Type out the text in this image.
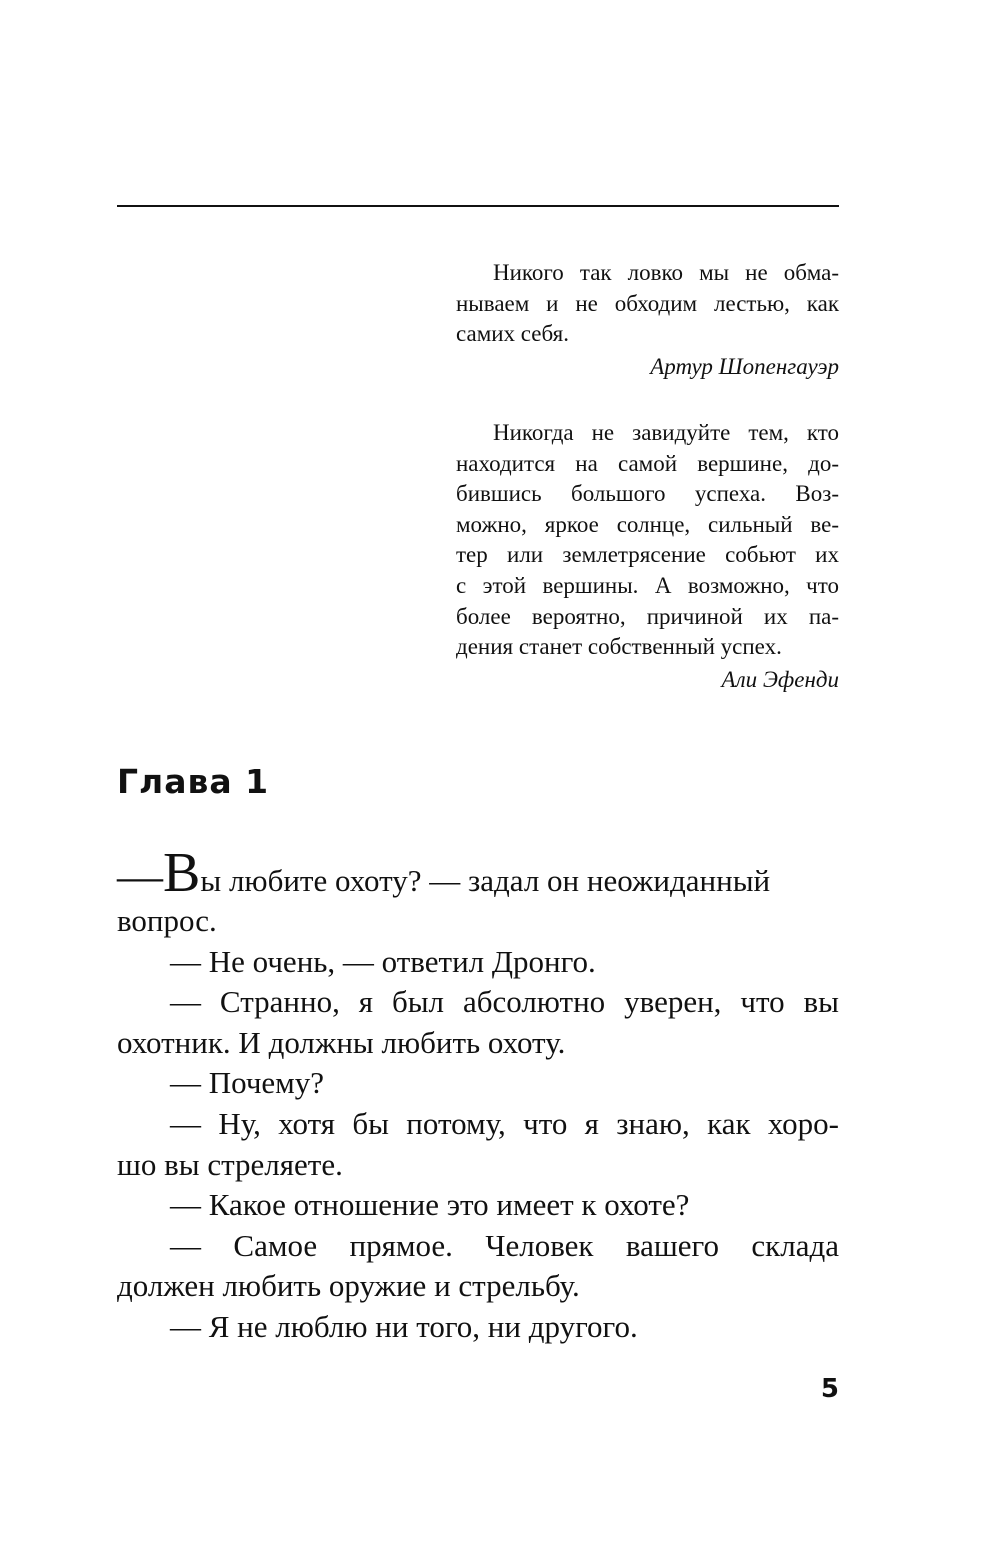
Никого так ловко мы не обма-
нываем и не обходим лестью, как
самих себя.
Артур Шопенгауэр
Никогда не завидуйте тем, кто
находится на самой вершине, до-
бившись большого успеха. Воз-
можно, яркое солнце, сильный ве-
тер или землетрясение собьют их
с этой вершины. А возможно, что
более вероятно, причиной их па-
дения станет собственный успех.
Али Эфенди
Глава 1
—Вы любите охоту? — задал он неожиданный
вопрос.
— Не очень, — ответил Дронго.
— Странно, я был абсолютно уверен, что вы
охотник. И должны любить охоту.
— Почему?
— Ну, хотя бы потому, что я знаю, как хоро-
шо вы стреляете.
— Какое отношение это имеет к охоте?
— Самое прямое. Человек вашего склада
должен любить оружие и стрельбу.
— Я не люблю ни того, ни другого.
5
